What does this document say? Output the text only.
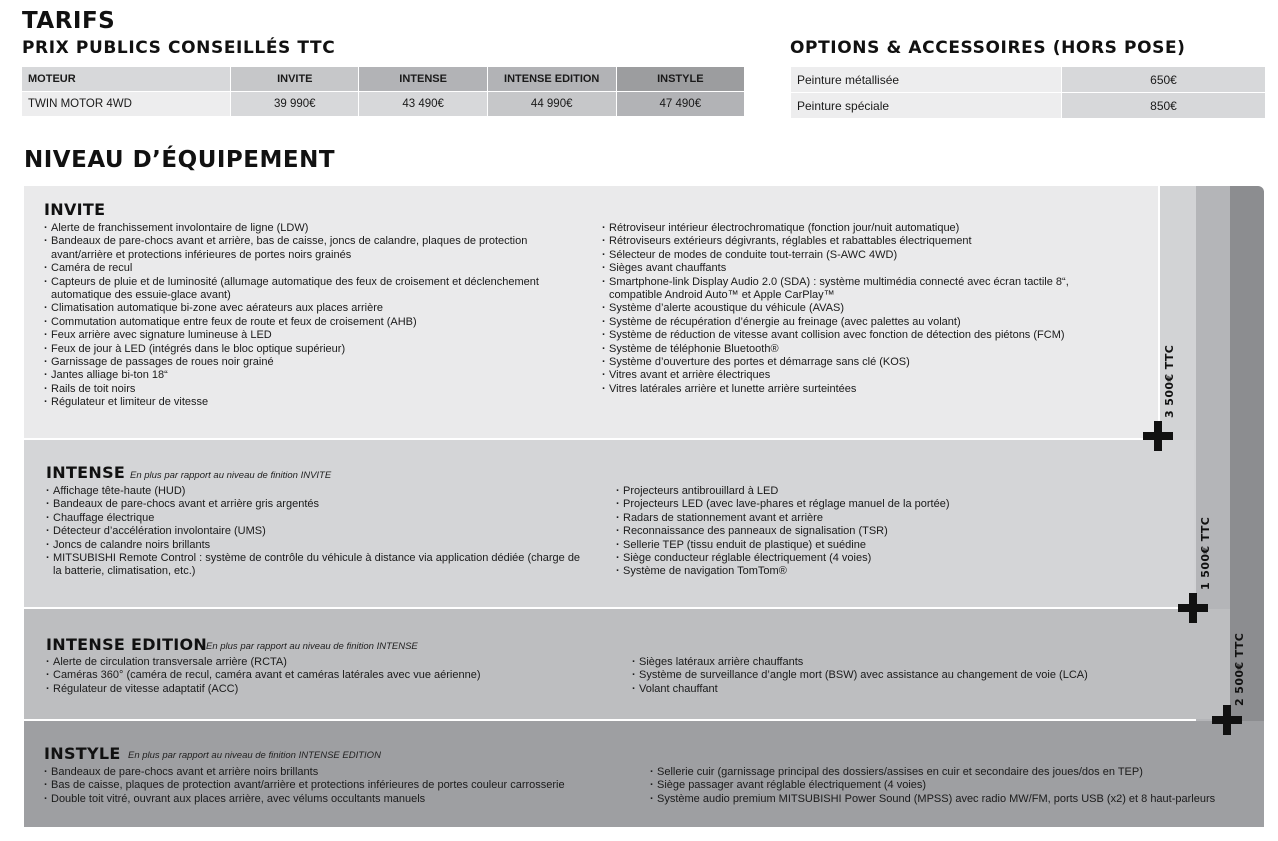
TARIFS
PRIX PUBLICS CONSEILLÉS TTC	OPTIONS & ACCESSOIRES (HORS POSE)
MOTEUR	INVITE	INTENSE	INTENSE EDITION	INSTYLE
TWIN MOTOR 4WD	39 990€	43 490€	44 990€	47 490€
Peinture métallisée	650€
Peinture spéciale	850€
NIVEAU D’ÉQUIPEMENT
INVITE
· Alerte de franchissement involontaire de ligne (LDW)
· Bandeaux de pare-chocs avant et arrière, bas de caisse, joncs de calandre, plaques de protection avant/arrière et protections inférieures de portes noirs grainés
· Caméra de recul
· Capteurs de pluie et de luminosité (allumage automatique des feux de croisement et déclenchement automatique des essuie-glace avant)
· Climatisation automatique bi-zone avec aérateurs aux places arrière
· Commutation automatique entre feux de route et feux de croisement (AHB)
· Feux arrière avec signature lumineuse à LED
· Feux de jour à LED (intégrés dans le bloc optique supérieur)
· Garnissage de passages de roues noir grainé
· Jantes alliage bi-ton 18“
· Rails de toit noirs
· Régulateur et limiteur de vitesse
· Rétroviseur intérieur électrochromatique (fonction jour/nuit automatique)
· Rétroviseurs extérieurs dégivrants, réglables et rabattables électriquement
· Sélecteur de modes de conduite tout-terrain (S-AWC 4WD)
· Sièges avant chauffants
· Smartphone-link Display Audio 2.0 (SDA) : système multimédia connecté avec écran tactile 8“, compatible Android Auto™ et Apple CarPlay™
· Système d’alerte acoustique du véhicule (AVAS)
· Système de récupération d’énergie au freinage (avec palettes au volant)
· Système de réduction de vitesse avant collision avec fonction de détection des piétons (FCM)
· Système de téléphonie Bluetooth®
· Système d’ouverture des portes et démarrage sans clé (KOS)
· Vitres avant et arrière électriques
· Vitres latérales arrière et lunette arrière surteintées
INTENSE En plus par rapport au niveau de finition INVITE
· Affichage tête-haute (HUD)
· Bandeaux de pare-chocs avant et arrière gris argentés
· Chauffage électrique
· Détecteur d’accélération involontaire (UMS)
· Joncs de calandre noirs brillants
· MITSUBISHI Remote Control : système de contrôle du véhicule à distance via application dédiée (charge de la batterie, climatisation, etc.)
· Projecteurs antibrouillard à LED
· Projecteurs LED (avec lave-phares et réglage manuel de la portée)
· Radars de stationnement avant et arrière
· Reconnaissance des panneaux de signalisation (TSR)
· Sellerie TEP (tissu enduit de plastique) et suédine
· Siège conducteur réglable électriquement (4 voies)
· Système de navigation TomTom®
INTENSE EDITION
En plus par rapport au niveau de finition INTENSE
· Alerte de circulation transversale arrière (RCTA)
· Caméras 360° (caméra de recul, caméra avant et caméras latérales avec vue aérienne)
· Régulateur de vitesse adaptatif (ACC)
· Sièges latéraux arrière chauffants
· Système de surveillance d’angle mort (BSW) avec assistance au changement de voie (LCA)
· Volant chauffant
INSTYLE En plus par rapport au niveau de finition INTENSE EDITION
· Bandeaux de pare-chocs avant et arrière noirs brillants
· Bas de caisse, plaques de protection avant/arrière et protections inférieures de portes couleur carrosserie
· Double toit vitré, ouvrant aux places arrière, avec vélums occultants manuels
· Sellerie cuir (garnissage principal des dossiers/assises en cuir et secondaire des joues/dos en TEP)
· Siège passager avant réglable électriquement (4 voies)
· Système audio premium MITSUBISHI Power Sound (MPSS) avec radio MW/FM, ports USB (x2) et 8 haut-parleurs
3 500€ TTC
1 500€ TTC
2 500€ TTC
